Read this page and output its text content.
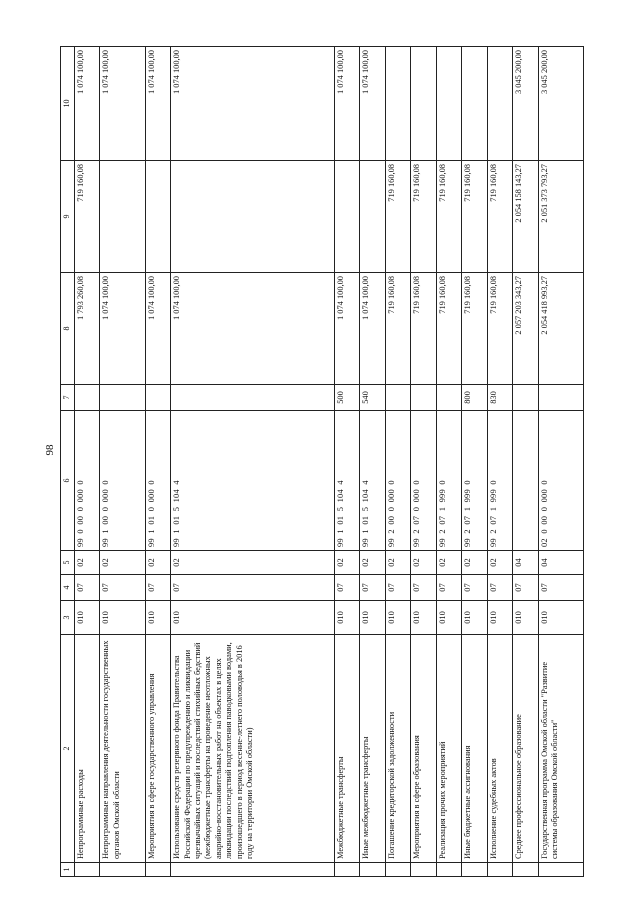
98
1	2	3	4	5	6	7	8	9	10
	Непрограммные расходы	010	07	02	99  0  00  0  000  0		1 793 260,08	719 160,08	1 074 100,00
	Непрограммные направления деятельности государственных органов Омской области	010	07	02	99  1  00  0  000  0		1 074 100,00		1 074 100,00
	Мероприятия в сфере государственного управления	010	07	02	99  1  01  0  000  0		1 074 100,00		1 074 100,00
	Использование средств резервного фонда Правительства Российской Федерации по предупреждению и ликвидации чрезвычайных ситуаций и последствий стихийных бедствий (межбюджетные трансферты на проведение неотложных аварийно-восстановительных работ на объектах в целях ликвидации последствий подтопления паводковыми водами, произошедшего в период весенне-летнего половодья в 2016 году на территории Омской области)	010	07	02	99  1  01  5  104  4		1 074 100,00		1 074 100,00
	Межбюджетные трансферты	010	07	02	99  1  01  5  104  4	500	1 074 100,00		1 074 100,00
	Иные межбюджетные трансферты	010	07	02	99  1  01  5  104  4	540	1 074 100,00		1 074 100,00
	Погашение кредиторской задолженности	010	07	02	99  2  00  0  000  0		719 160,08	719 160,08	
	Мероприятия в сфере образования	010	07	02	99  2  07  0  000  0		719 160,08	719 160,08	
	Реализация прочих мероприятий	010	07	02	99  2  07  1  999  0		719 160,08	719 160,08	
	Иные бюджетные ассигнования	010	07	02	99  2  07  1  999  0	800	719 160,08	719 160,08	
	Исполнение судебных актов	010	07	02	99  2  07  1  999  0	830	719 160,08	719 160,08	
	Среднее профессиональное образование	010	07	04			2 057 203 343,27	2 054 158 143,27	3 045 200,00
	Государственная программа Омской области "Развитие системы образования Омской области"	010	07	04	02  0  00  0  000  0		2 054 418 993,27	2 051 373 793,27	3 045 200,00
